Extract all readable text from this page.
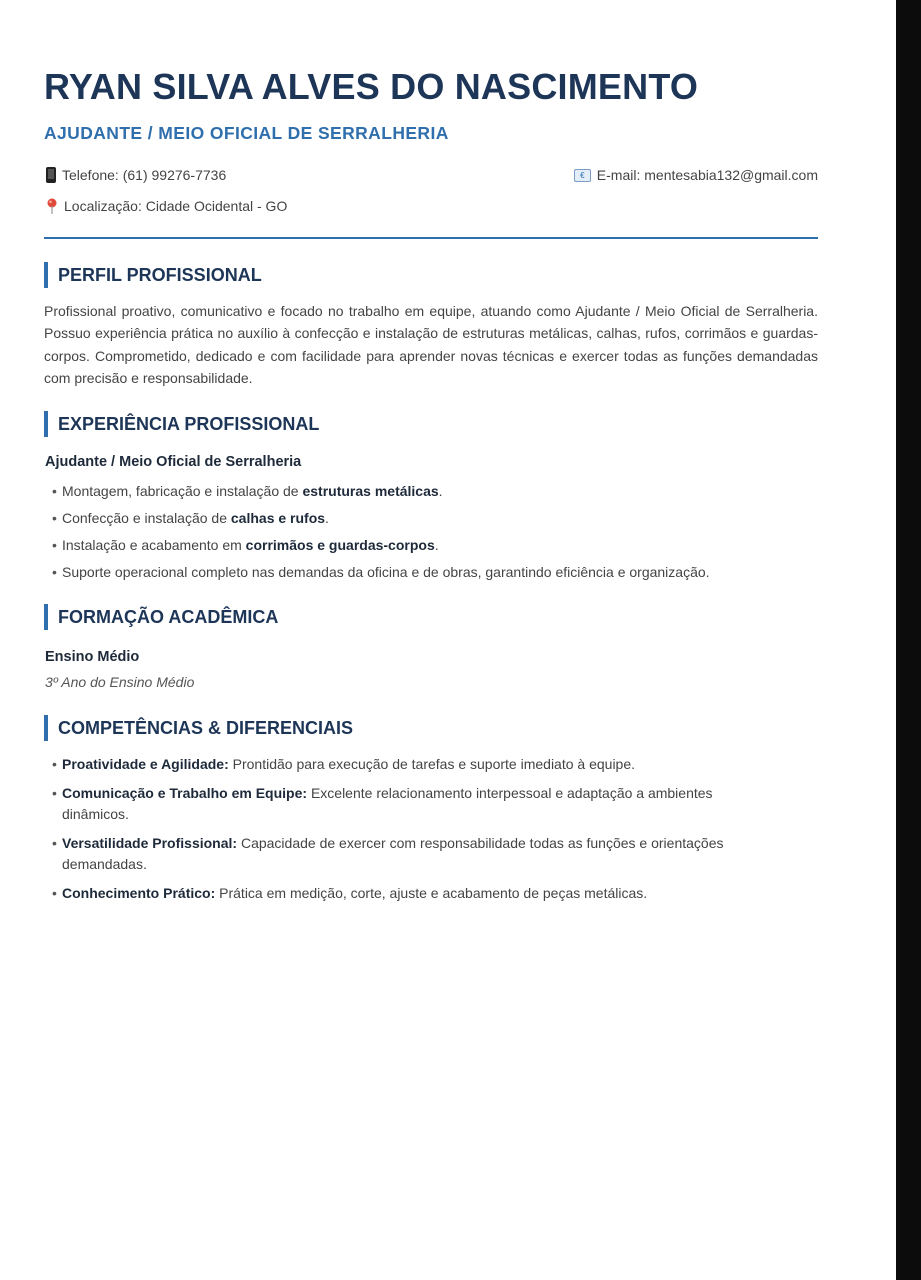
RYAN SILVA ALVES DO NASCIMENTO
AJUDANTE / MEIO OFICIAL DE SERRALHERIA
Telefone: (61) 99276-7736	€ E-mail: mentesabia132@gmail.com
Localização: Cidade Ocidental - GO
PERFIL PROFISSIONAL

Profissional proativo, comunicativo e focado no trabalho em equipe, atuando como Ajudante / Meio Oficial de Serralheria. Possuo experiência prática no auxílio à confecção e instalação de estruturas metálicas, calhas, rufos, corrimãos e guardas-corpos. Comprometido, dedicado e com facilidade para aprender novas técnicas e exercer todas as funções demandadas com precisão e responsabilidade.

EXPERIÊNCIA PROFISSIONAL
Ajudante / Meio Oficial de Serralheria
• Montagem, fabricação e instalação de estruturas metálicas.
• Confecção e instalação de calhas e rufos.
• Instalação e acabamento em corrimãos e guardas-corpos.
• Suporte operacional completo nas demandas da oficina e de obras, garantindo eficiência e organização.
FORMAÇÃO ACADÊMICA
Ensino Médio
3º Ano do Ensino Médio
COMPETÊNCIAS & DIFERENCIAIS
• Proatividade e Agilidade: Prontidão para execução de tarefas e suporte imediato à equipe.
• Comunicação e Trabalho em Equipe: Excelente relacionamento interpessoal e adaptação a ambientes dinâmicos.
• Versatilidade Profissional: Capacidade de exercer com responsabilidade todas as funções e orientações demandadas.
• Conhecimento Prático: Prática em medição, corte, ajuste e acabamento de peças metálicas.
